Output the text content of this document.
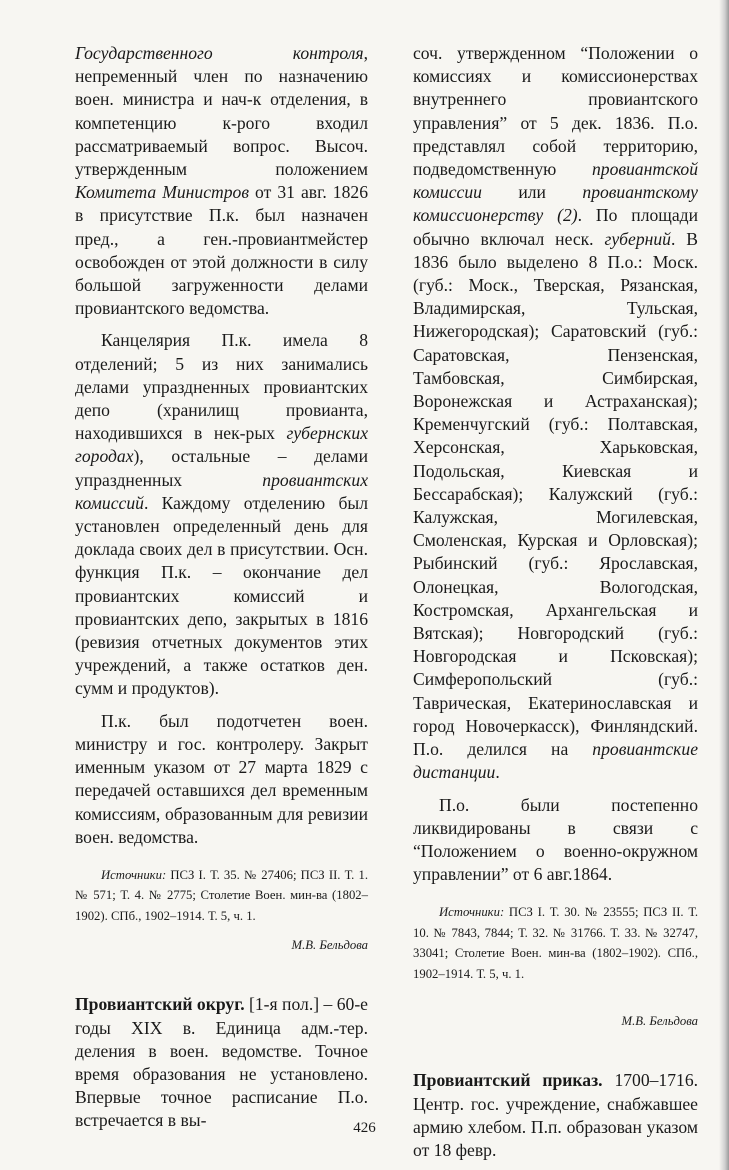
Государственного контроля, непременный член по назначению воен. министра и нач-к отделения, в компетенцию к-рого входил рассматриваемый вопрос. Высоч. утвержденным положением Комитета Министров от 31 авг. 1826 в присутствие П.к. был назначен пред., а ген.-провиантмейстер освобожден от этой должности в силу большой загруженности делами провиантского ведомства.

Канцелярия П.к. имела 8 отделений; 5 из них занимались делами упраздненных провиантских депо (хранилищ провианта, находившихся в нек-рых губернских городах), остальные – делами упраздненных провиантских комиссий. Каждому отделению был установлен определенный день для доклада своих дел в присутствии. Осн. функция П.к. – окончание дел провиантских комиссий и провиантских депо, закрытых в 1816 (ревизия отчетных документов этих учреждений, а также остатков ден. сумм и продуктов).

П.к. был подотчетен воен. министру и гос. контролеру. Закрыт именным указом от 27 марта 1829 с передачей оставшихся дел временным комиссиям, образованным для ревизии воен. ведомства.

Источники: ПСЗ I. Т. 35. № 27406; ПСЗ II. Т. 1. № 571; Т. 4. № 2775; Столетие Воен. мин-ва (1802–1902). СПб., 1902–1914. Т. 5, ч. 1.

М.В. Бельдова

Провиантский округ. [1-я пол.] – 60-е годы XIX в. Единица адм.-тер. деления в воен. ведомстве. Точное время образования не установлено. Впервые точное расписание П.о. встречается в вы-

соч. утвержденном “Положении о комиссиях и комиссионерствах внутреннего провиантского управления” от 5 дек. 1836. П.о. представлял собой территорию, подведомственную провиантской комиссии или провиантскому комиссионерству (2). По площади обычно включал неск. губерний. В 1836 было выделено 8 П.о.: Моск. (губ.: Моск., Тверская, Рязанская, Владимирская, Тульская, Нижегородская); Саратовский (губ.: Саратовская, Пензенская, Тамбовская, Симбирская, Воронежская и Астраханская); Кременчугский (губ.: Полтавская, Херсонская, Харьковская, Подольская, Киевская и Бессарабская); Калужский (губ.: Калужская, Могилевская, Смоленская, Курская и Орловская); Рыбинский (губ.: Ярославская, Олонецкая, Вологодская, Костромская, Архангельская и Вятская); Новгородский (губ.: Новгородская и Псковская); Симферопольский (губ.: Таврическая, Екатеринославская и город Новочеркасск), Финляндский. П.о. делился на провиантские дистанции.

П.о. были постепенно ликвидированы в связи с “Положением о военно-окружном управлении” от 6 авг.1864.

Источники: ПСЗ I. Т. 30. № 23555; ПСЗ II. Т. 10. № 7843, 7844; Т. 32. № 31766. Т. 33. № 32747, 33041; Столетие Воен. мин-ва (1802–1902). СПб., 1902–1914. Т. 5, ч. 1.

М.В. Бельдова

Провиантский приказ. 1700–1716. Центр. гос. учреждение, снабжавшее армию хлебом. П.п. образован указом от 18 февр.

426
